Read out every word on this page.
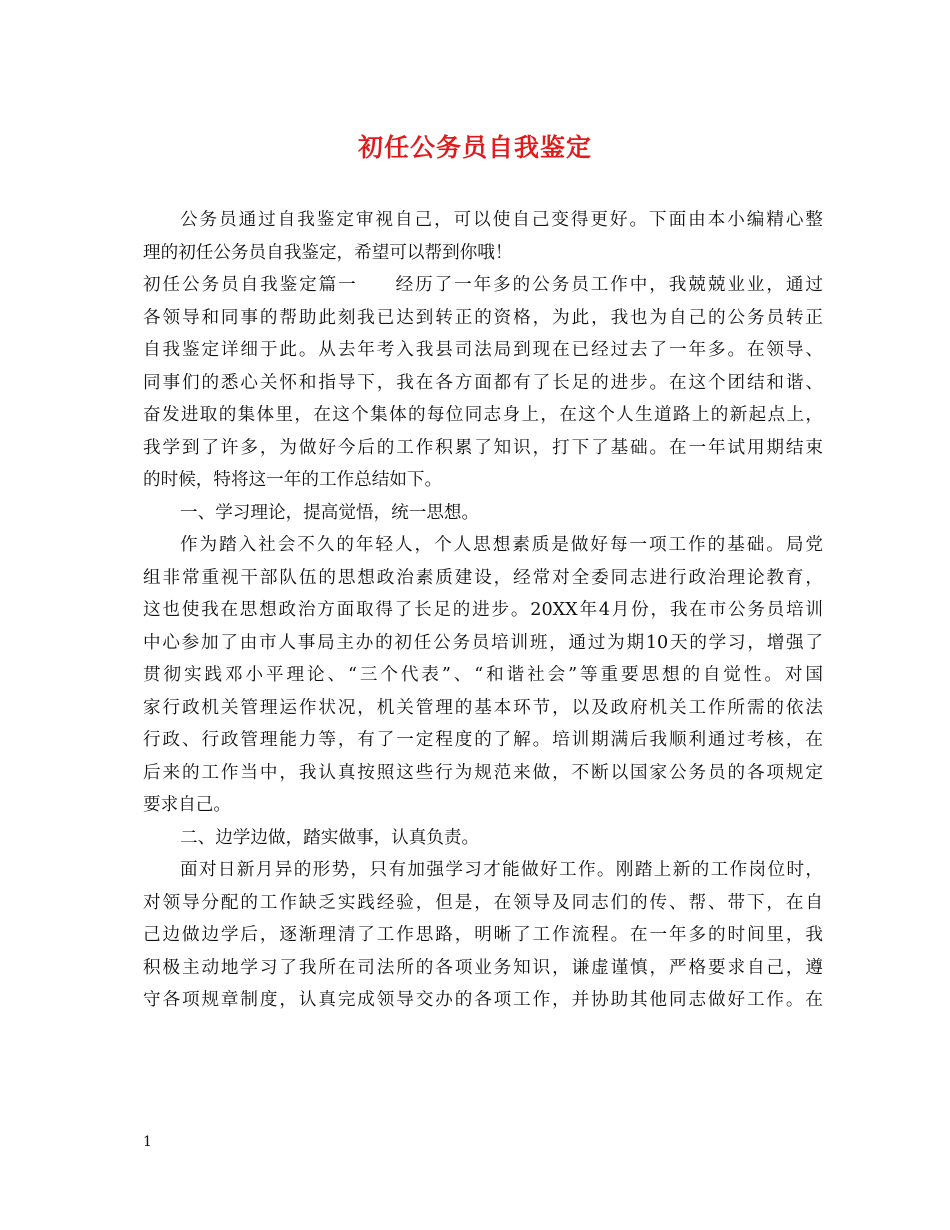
初任公务员自我鉴定
公务员通过自我鉴定审视自己，可以使自己变得更好。下面由本小编精心整
理的初任公务员自我鉴定，希望可以帮到你哦！
初任公务员自我鉴定篇一 经历了一年多的公务员工作中，我兢兢业业，通过
各领导和同事的帮助此刻我已达到转正的资格，为此，我也为自己的公务员转正
自我鉴定详细于此。从去年考入我县司法局到现在已经过去了一年多。在领导、
同事们的悉心关怀和指导下，我在各方面都有了长足的进步。在这个团结和谐、
奋发进取的集体里，在这个集体的每位同志身上，在这个人生道路上的新起点上，
我学到了许多，为做好今后的工作积累了知识，打下了基础。在一年试用期结束
的时候，特将这一年的工作总结如下。
一、学习理论，提高觉悟，统一思想。
作为踏入社会不久的年轻人，个人思想素质是做好每一项工作的基础。局党
组非常重视干部队伍的思想政治素质建设，经常对全委同志进行政治理论教育，
这也使我在思想政治方面取得了长足的进步。20XX年4月份，我在市公务员培训
中心参加了由市人事局主办的初任公务员培训班，通过为期10天的学习，增强了
贯彻实践邓小平理论、“三个代表”、“和谐社会”等重要思想的自觉性。对国
家行政机关管理运作状况，机关管理的基本环节，以及政府机关工作所需的依法
行政、行政管理能力等，有了一定程度的了解。培训期满后我顺利通过考核，在
后来的工作当中，我认真按照这些行为规范来做，不断以国家公务员的各项规定
要求自己。
二、边学边做，踏实做事，认真负责。
面对日新月异的形势，只有加强学习才能做好工作。刚踏上新的工作岗位时，
对领导分配的工作缺乏实践经验，但是，在领导及同志们的传、帮、带下，在自
己边做边学后，逐渐理清了工作思路，明晰了工作流程。在一年多的时间里，我
积极主动地学习了我所在司法所的各项业务知识，谦虚谨慎，严格要求自己，遵
守各项规章制度，认真完成领导交办的各项工作，并协助其他同志做好工作。在
1
